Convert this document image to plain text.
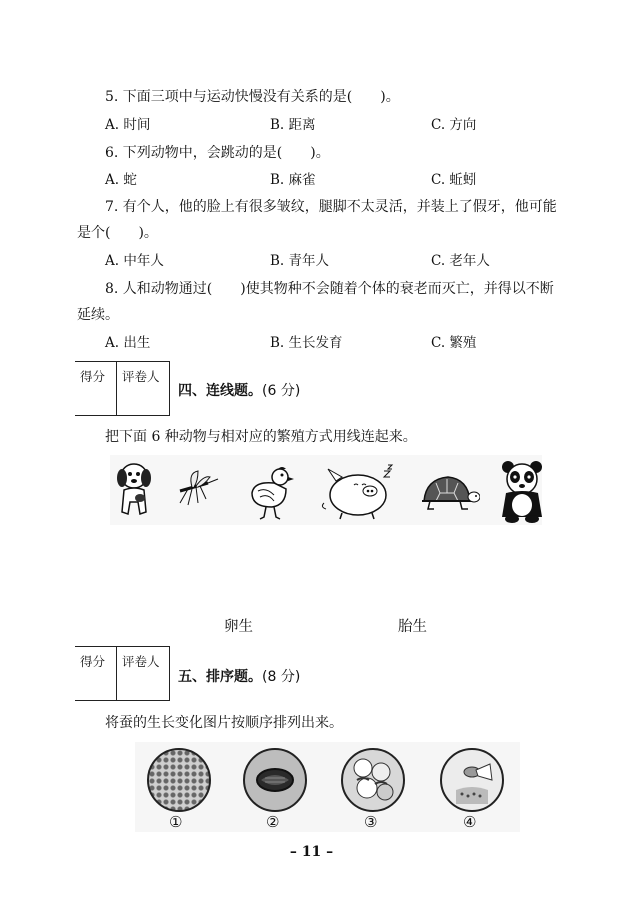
5. 下面三项中与运动快慢没有关系的是(　　)。
A. 时间	B. 距离	C. 方向
6. 下列动物中，会跳动的是(　　)。
A. 蛇	B. 麻雀	C. 蚯蚓
7. 有个人，他的脸上有很多皱纹，腿脚不太灵活，并装上了假牙，他可能
是个(　　)。
A. 中年人	B. 青年人	C. 老年人
8. 人和动物通过(　　)使其物种不会随着个体的衰老而灭亡，并得以不断
延续。
A. 出生	B. 生长发育	C. 繁殖
得分 评卷人
四、连线题。(6 分)
把下面 6 种动物与相对应的繁殖方式用线连起来。
卵生	胎生
得分 评卷人
五、排序题。(8 分)
将蚕的生长变化图片按顺序排列出来。
①	②	③	④
– 11 –
